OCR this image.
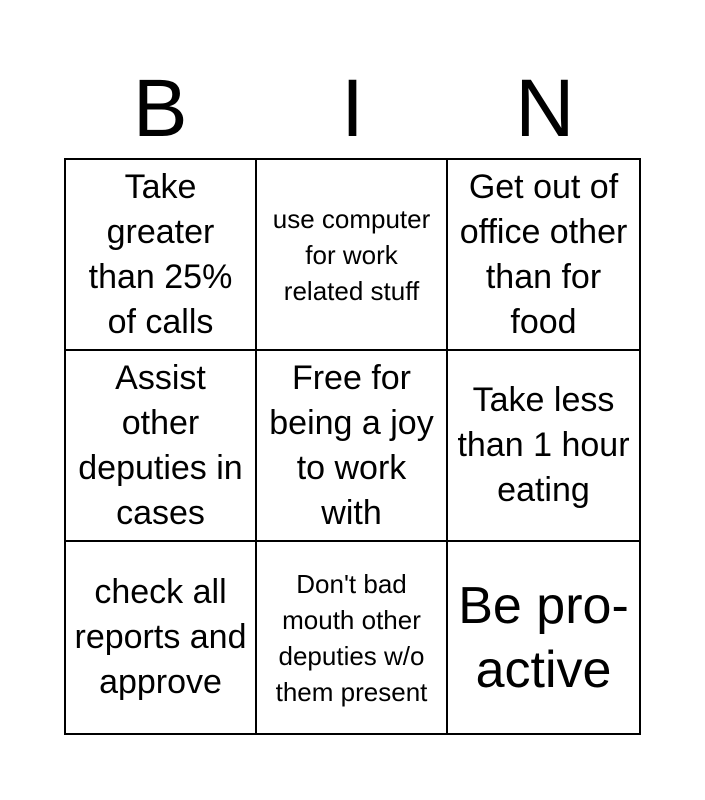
B	I	N
Take greater than 25% of calls
use computer for work related stuff
Get out of office other than for food
Assist other deputies in cases
Free for being a joy to work with
Take less than 1 hour eating
check all reports and approve
Don't bad mouth other deputies w/o them present
Be pro-active
